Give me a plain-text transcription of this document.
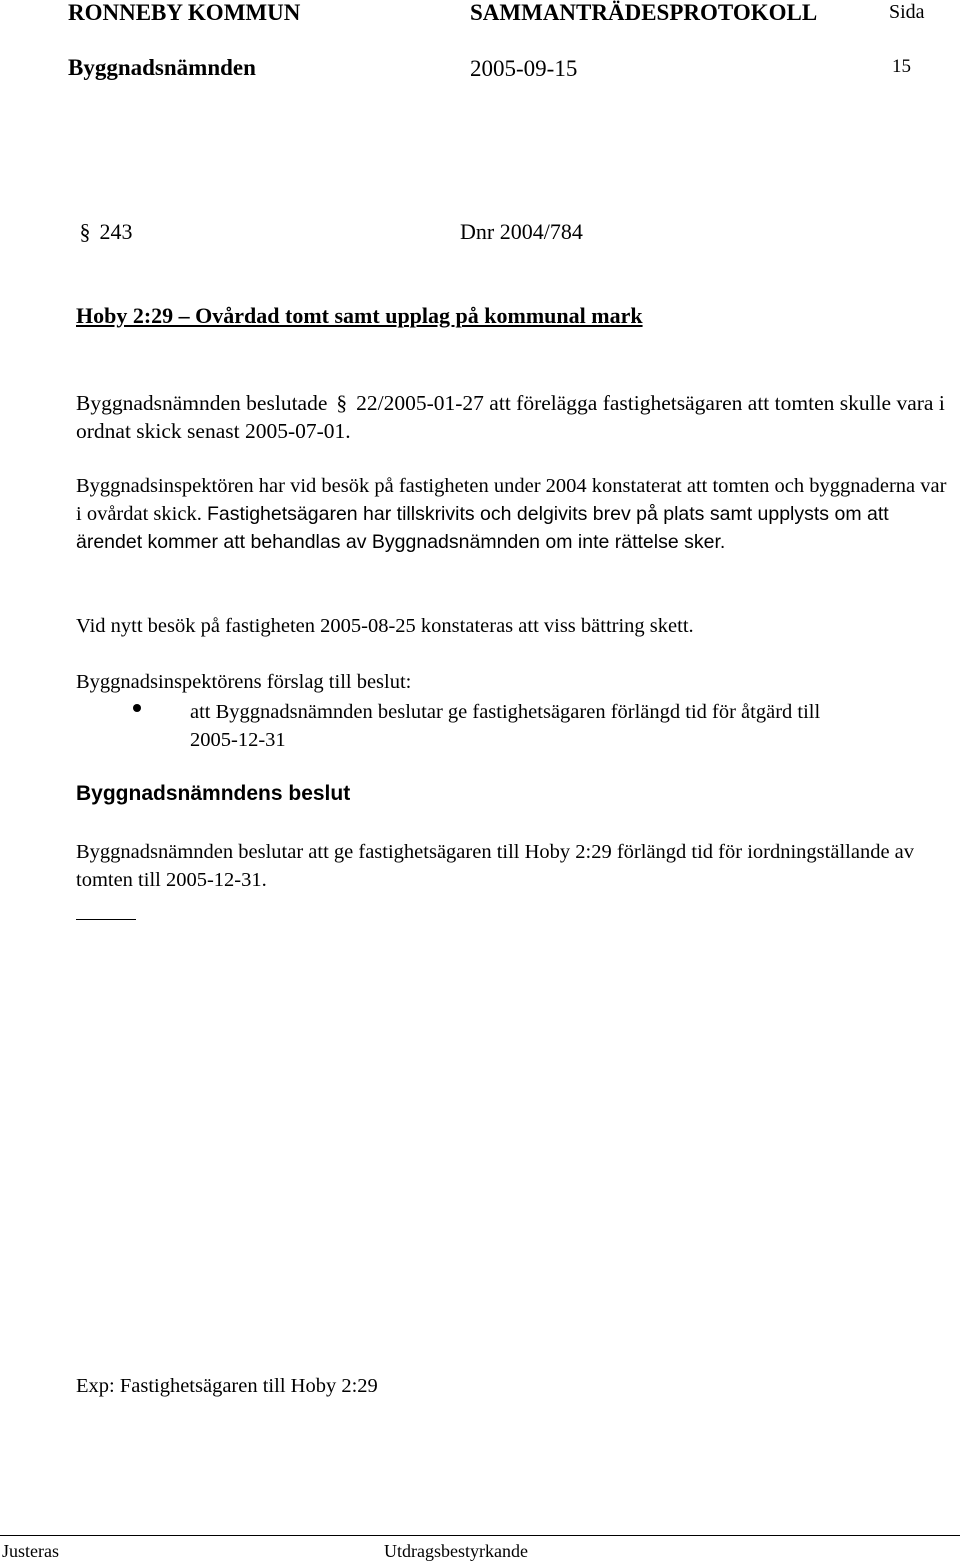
RONNEBY KOMMUN	SAMMANTRÄDESPROTOKOLL	Sida
Byggnadsnämnden	2005-09-15	15
§ 243	Dnr 2004/784
Hoby 2:29 – Ovårdad tomt samt upplag på kommunal mark
Byggnadsnämnden beslutade § 22/2005-01-27 att förelägga fastighetsägaren att tomten skulle vara i ordnat skick senast 2005-07-01.
Byggnadsinspektören har vid besök på fastigheten under 2004 konstaterat att tomten och byggnaderna var i ovårdat skick. Fastighetsägaren har tillskrivits och delgivits brev på plats samt upplysts om att ärendet kommer att behandlas av Byggnadsnämnden om inte rättelse sker.
Vid nytt besök på fastigheten 2005-08-25 konstateras att viss bättring skett.
Byggnadsinspektörens förslag till beslut:
att Byggnadsnämnden beslutar ge fastighetsägaren förlängd tid för åtgärd till
2005-12-31
Byggnadsnämndens beslut
Byggnadsnämnden beslutar att ge fastighetsägaren till Hoby 2:29 förlängd tid för iordningställande av tomten till 2005-12-31.
Exp: Fastighetsägaren till Hoby 2:29
Justeras	Utdragsbestyrkande
